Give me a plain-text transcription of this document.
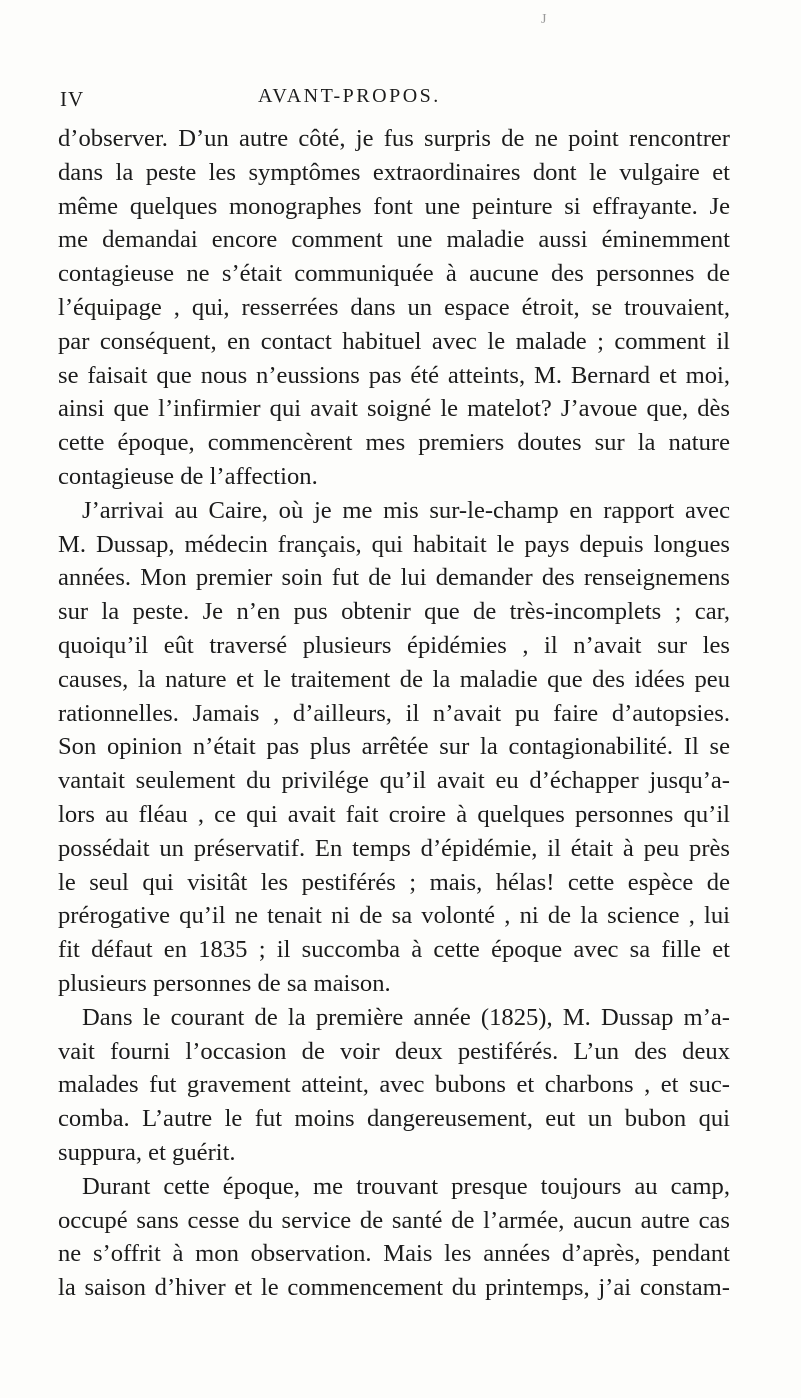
J
IV	AVANT-PROPOS.
d’observer. D’un autre côté, je fus surpris de ne point rencontrer
dans la peste les symptômes extraordinaires dont le vulgaire et
même quelques monographes font une peinture si effrayante. Je
me demandai encore comment une maladie aussi éminemment
contagieuse ne s’était communiquée à aucune des personnes de
l’équipage , qui, resserrées dans un espace étroit, se trouvaient,
par conséquent, en contact habituel avec le malade ; comment il
se faisait que nous n’eussions pas été atteints, M. Bernard et moi,
ainsi que l’infirmier qui avait soigné le matelot? J’avoue que, dès
cette époque, commencèrent mes premiers doutes sur la nature
contagieuse de l’affection.
J’arrivai au Caire, où je me mis sur-le-champ en rapport avec
M. Dussap, médecin français, qui habitait le pays depuis longues
années. Mon premier soin fut de lui demander des renseignemens
sur la peste. Je n’en pus obtenir que de très-incomplets ; car,
quoiqu’il eût traversé plusieurs épidémies , il n’avait sur les
causes, la nature et le traitement de la maladie que des idées peu
rationnelles. Jamais , d’ailleurs, il n’avait pu faire d’autopsies.
Son opinion n’était pas plus arrêtée sur la contagionabilité. Il se
vantait seulement du privilége qu’il avait eu d’échapper jusqu’a-
lors au fléau , ce qui avait fait croire à quelques personnes qu’il
possédait un préservatif. En temps d’épidémie, il était à peu près
le seul qui visitât les pestiférés ; mais, hélas! cette espèce de
prérogative qu’il ne tenait ni de sa volonté , ni de la science , lui
fit défaut en 1835 ; il succomba à cette époque avec sa fille et
plusieurs personnes de sa maison.
Dans le courant de la première année (1825), M. Dussap m’a-
vait fourni l’occasion de voir deux pestiférés. L’un des deux
malades fut gravement atteint, avec bubons et charbons , et suc-
comba. L’autre le fut moins dangereusement, eut un bubon qui
suppura, et guérit.
Durant cette époque, me trouvant presque toujours au camp,
occupé sans cesse du service de santé de l’armée, aucun autre cas
ne s’offrit à mon observation. Mais les années d’après, pendant
la saison d’hiver et le commencement du printemps, j’ai constam-
